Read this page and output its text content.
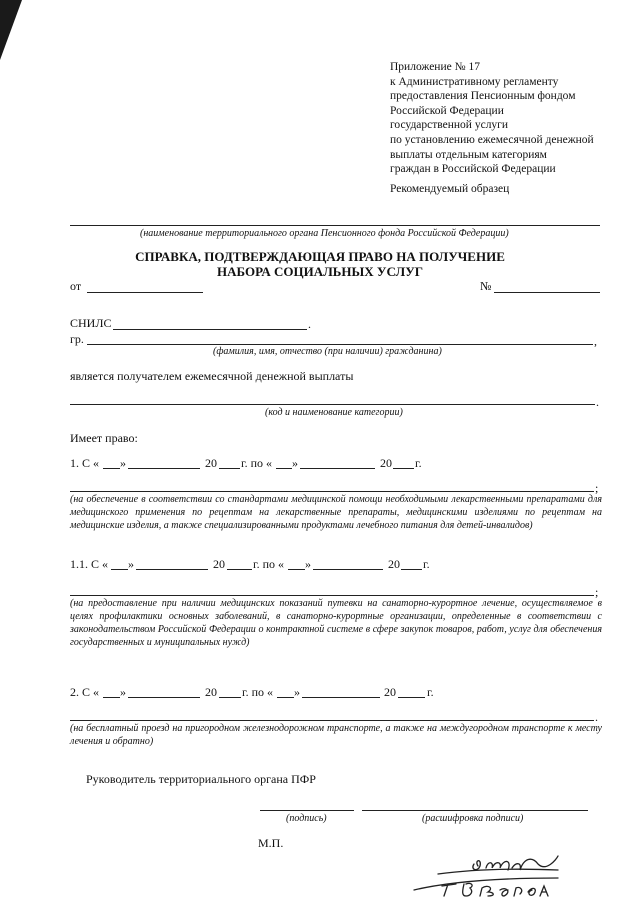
Приложение № 17
к Административному регламенту
предоставления Пенсионным фондом
Российской Федерации
государственной услуги
по установлению ежемесячной денежной
выплаты отдельным категориям
граждан в Российской Федерации
Рекомендуемый образец
(наименование территориального органа Пенсионного фонда Российской Федерации)
СПРАВКА, ПОДТВЕРЖДАЮЩАЯ ПРАВО НА ПОЛУЧЕНИЕ
НАБОРА СОЦИАЛЬНЫХ УСЛУГ
от	№
СНИЛС	.
гр.	,
(фамилия, имя, отчество (при наличии) гражданина)
является получателем ежемесячной денежной выплаты
.
(код и наименование категории)
Имеет право:
1. С « »	20 г. по « »	20 г.
;
(на обеспечение в соответствии со стандартами медицинской помощи необходимыми лекарственными препаратами для медицинского применения по рецептам на лекарственные препараты, медицинскими изделиями по рецептам на медицинские изделия, а также специализированными продуктами лечебного питания для детей-инвалидов)
1.1. С « »	20 г. по « »	20 г.
;
(на предоставление при наличии медицинских показаний путевки на санаторно-курортное лечение, осуществляемое в целях профилактики основных заболеваний, в санаторно-курортные организации, определенные в соответствии с законодательством Российской Федерации о контрактной системе в сфере закупок товаров, работ, услуг для обеспечения государственных и муниципальных нужд)
2. С « »	20 г. по « »	20	г.
.
(на бесплатный проезд на пригородном железнодорожном транспорте, а также на междугородном транспорте к месту лечения и обратно)
Руководитель территориального органа ПФР
(подпись)	(расшифровка подписи)
М.П.
